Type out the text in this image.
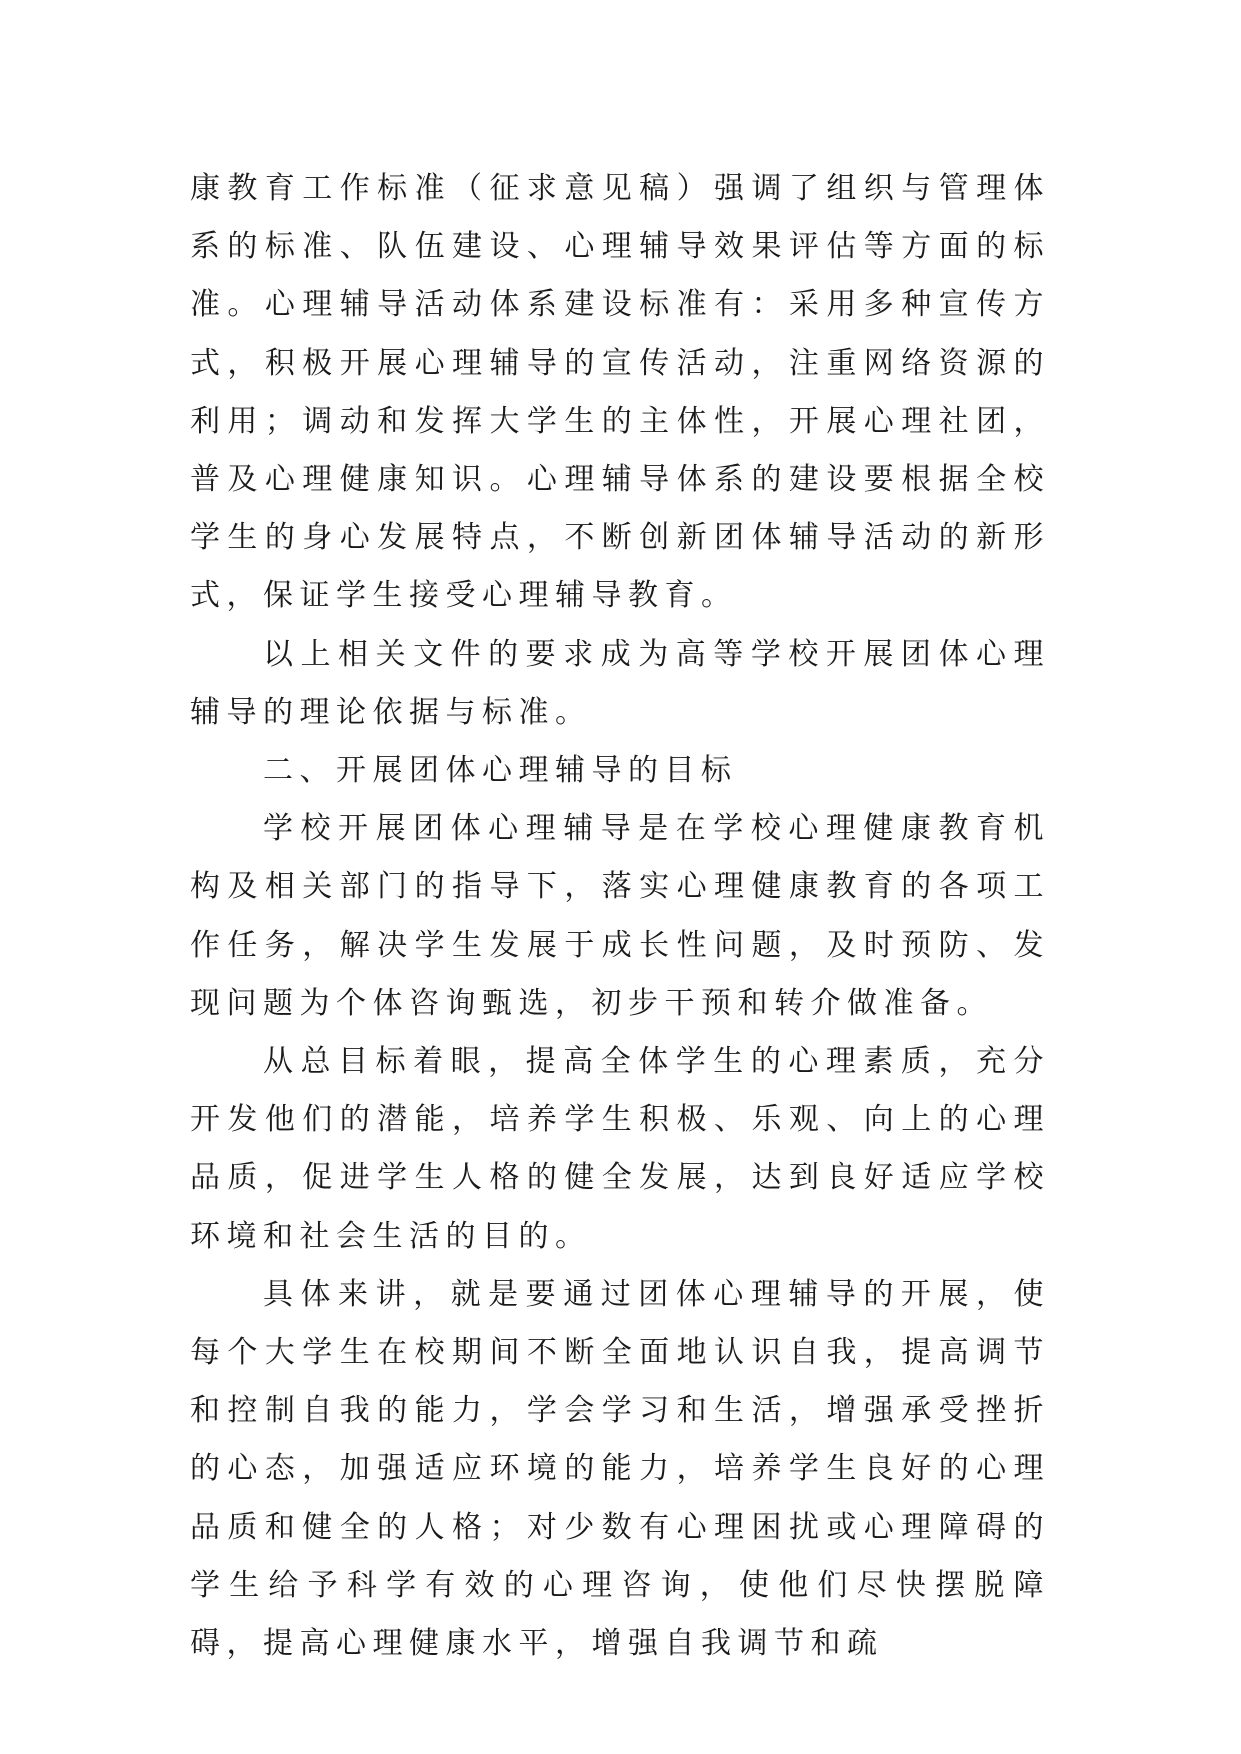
康教育工作标准（征求意见稿）强调了组织与管理体系的标准、队伍建设、心理辅导效果评估等方面的标准。心理辅导活动体系建设标准有：采用多种宣传方式，积极开展心理辅导的宣传活动，注重网络资源的利用；调动和发挥大学生的主体性，开展心理社团，普及心理健康知识。心理辅导体系的建设要根据全校学生的身心发展特点，不断创新团体辅导活动的新形式，保证学生接受心理辅导教育。

以上相关文件的要求成为高等学校开展团体心理辅导的理论依据与标准。

二、开展团体心理辅导的目标

学校开展团体心理辅导是在学校心理健康教育机构及相关部门的指导下，落实心理健康教育的各项工作任务，解决学生发展于成长性问题，及时预防、发现问题为个体咨询甄选，初步干预和转介做准备。

从总目标着眼，提高全体学生的心理素质，充分开发他们的潜能，培养学生积极、乐观、向上的心理品质，促进学生人格的健全发展，达到良好适应学校环境和社会生活的目的。

具体来讲，就是要通过团体心理辅导的开展，使每个大学生在校期间不断全面地认识自我，提高调节和控制自我的能力，学会学习和生活，增强承受挫折的心态，加强适应环境的能力，培养学生良好的心理品质和健全的人格；对少数有心理困扰或心理障碍的学生给予科学有效的心理咨询，使他们尽快摆脱障碍，提高心理健康水平，增强自我调节和疏
